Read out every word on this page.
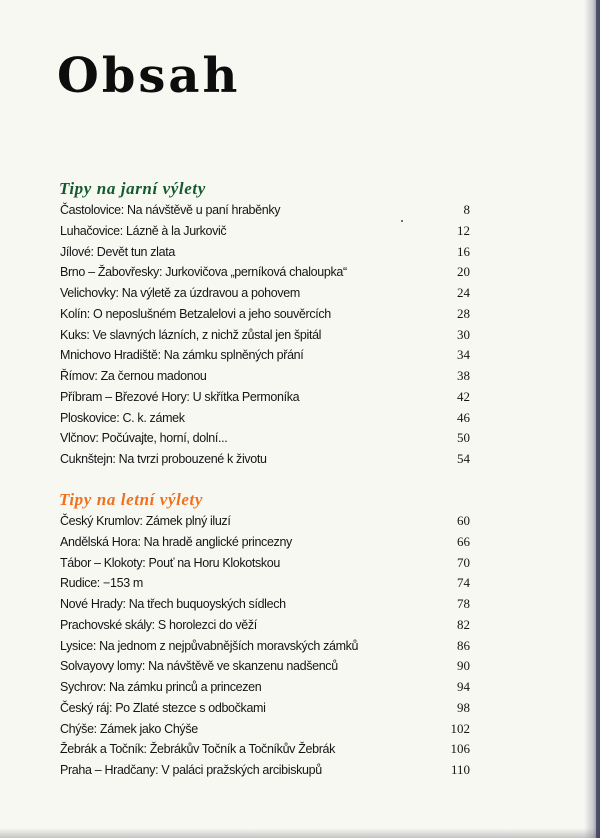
Obsah
Tipy na jarní výlety
Častolovice: Na návštěvě u paní hraběnky	8
Luhačovice: Lázně à la Jurkovič	12
Jílové: Devět tun zlata	16
Brno – Žabovřesky: Jurkovičova „perníková chaloupka“	20
Velichovky: Na výletě za úzdravou a pohovem	24
Kolín: O neposlušném Betzalelovi a jeho souvěrcích	28
Kuks: Ve slavných lázních, z nichž zůstal jen špitál	30
Mnichovo Hradiště: Na zámku splněných přání	34
Římov: Za černou madonou	38
Příbram – Březové Hory: U skřítka Permoníka	42
Ploskovice: C. k. zámek	46
Vlčnov: Počúvajte, horní, dolní...	50
Cuknštejn: Na tvrzi probouzené k životu	54
Tipy na letní výlety
Český Krumlov: Zámek plný iluzí	60
Andělská Hora: Na hradě anglické princezny	66
Tábor – Klokoty: Pouť na Horu Klokotskou	70
Rudice: −153 m	74
Nové Hrady: Na třech buquoyských sídlech	78
Prachovské skály: S horolezci do věží	82
Lysice: Na jednom z nejpůvabnějších moravských zámků	86
Solvayovy lomy: Na návštěvě ve skanzenu nadšenců	90
Sychrov: Na zámku princů a princezen	94
Český ráj: Po Zlaté stezce s odbočkami	98
Chýše: Zámek jako Chýše	102
Žebrák a Točník: Žebrákův Točník a Točníkův Žebrák	106
Praha – Hradčany: V paláci pražských arcibiskupů	110
